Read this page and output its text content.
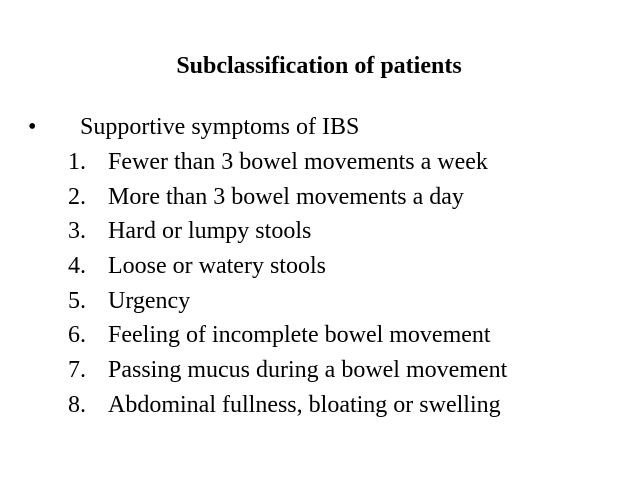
Subclassification of patients
• Supportive symptoms of IBS
1. Fewer than 3 bowel movements a week
2. More than 3 bowel movements a day
3. Hard or lumpy stools
4. Loose or watery stools
5. Urgency
6. Feeling of incomplete bowel movement
7. Passing mucus during a bowel movement
8. Abdominal fullness, bloating or swelling
